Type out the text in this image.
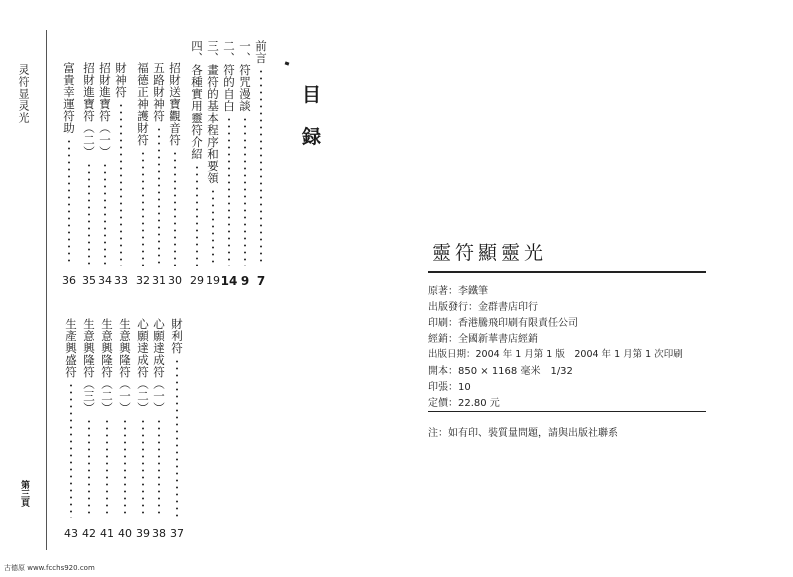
灵符显灵光
第三頁
前言
7
一、符咒漫談
9
二、符的自白
14
三、畫符的基本程序和要領
19
四、各種實用靈符介紹
29
招財送寶觀音符
30
五路財神符
31
福德正神護財符
32
財神符
33
招財進寶符（一）
34
招財進寶符（二）
35
富貴幸運符助
36
財利符
37
心願達成符（一）
38
心願達成符（二）
39
生意興隆符（一）
40
生意興隆符（二）
41
生意興隆符（三）
42
生產興盛符
43
目
録
靈符顯靈光
原著：李鐵筆
出版發行：金群書店印行
印刷：香港騰飛印刷有限責任公司
經銷：全國新華書店經銷
出版日期：2004 年 1 月第 1 版　2004 年 1 月第 1 次印刷
開本：850 × 1168 毫米　1/32
印張：10
定價：22.80 元
注：如有印、裝質量問題，請與出版社聯系
古德原 www.fcchs920.com
